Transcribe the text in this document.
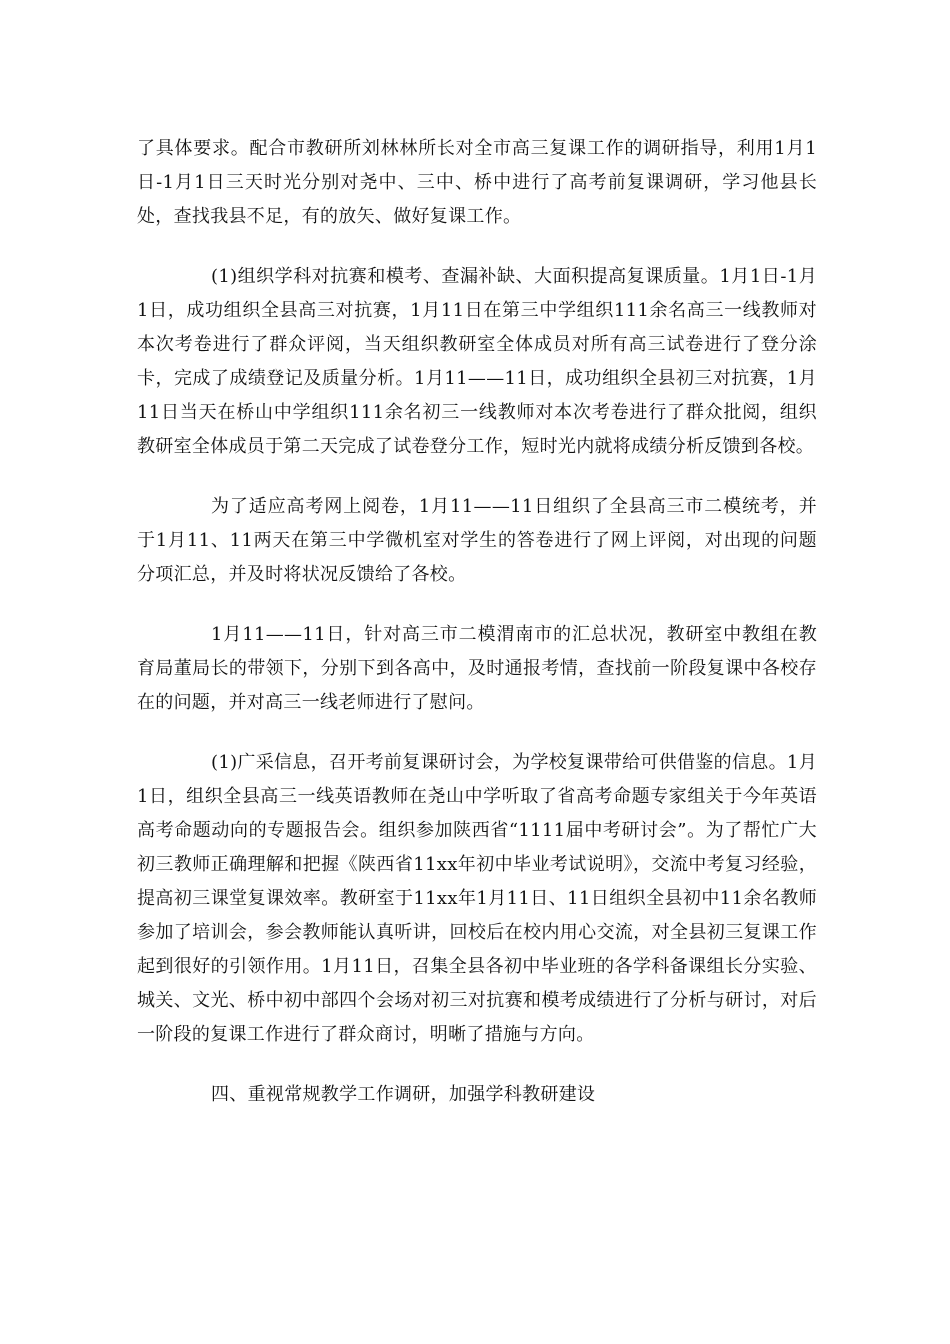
了具体要求。配合市教研所刘林林所长对全市高三复课工作的调研指导，利用1月1日-1月1日三天时光分别对尧中、三中、桥中进行了高考前复课调研，学习他县长处，查找我县不足，有的放矢、做好复课工作。

(1)组织学科对抗赛和模考、查漏补缺、大面积提高复课质量。1月1日-1月1日，成功组织全县高三对抗赛，1月11日在第三中学组织111余名高三一线教师对本次考卷进行了群众评阅，当天组织教研室全体成员对所有高三试卷进行了登分涂卡，完成了成绩登记及质量分析。1月11——11日，成功组织全县初三对抗赛，1月11日当天在桥山中学组织111余名初三一线教师对本次考卷进行了群众批阅，组织教研室全体成员于第二天完成了试卷登分工作，短时光内就将成绩分析反馈到各校。

为了适应高考网上阅卷，1月11——11日组织了全县高三市二模统考，并于1月11、11两天在第三中学微机室对学生的答卷进行了网上评阅，对出现的问题分项汇总，并及时将状况反馈给了各校。

1月11——11日，针对高三市二模渭南市的汇总状况，教研室中教组在教育局董局长的带领下，分别下到各高中，及时通报考情，查找前一阶段复课中各校存在的问题，并对高三一线老师进行了慰问。

(1)广采信息，召开考前复课研讨会，为学校复课带给可供借鉴的信息。1月1日，组织全县高三一线英语教师在尧山中学听取了省高考命题专家组关于今年英语高考命题动向的专题报告会。组织参加陕西省“1111届中考研讨会”。为了帮忙广大初三教师正确理解和把握《陕西省11xx年初中毕业考试说明》，交流中考复习经验，提高初三课堂复课效率。教研室于11xx年1月11日、11日组织全县初中11余名教师参加了培训会，参会教师能认真听讲，回校后在校内用心交流，对全县初三复课工作起到很好的引领作用。1月11日，召集全县各初中毕业班的各学科备课组长分实验、城关、文光、桥中初中部四个会场对初三对抗赛和模考成绩进行了分析与研讨，对后一阶段的复课工作进行了群众商讨，明晰了措施与方向。

四、重视常规教学工作调研，加强学科教研建设
